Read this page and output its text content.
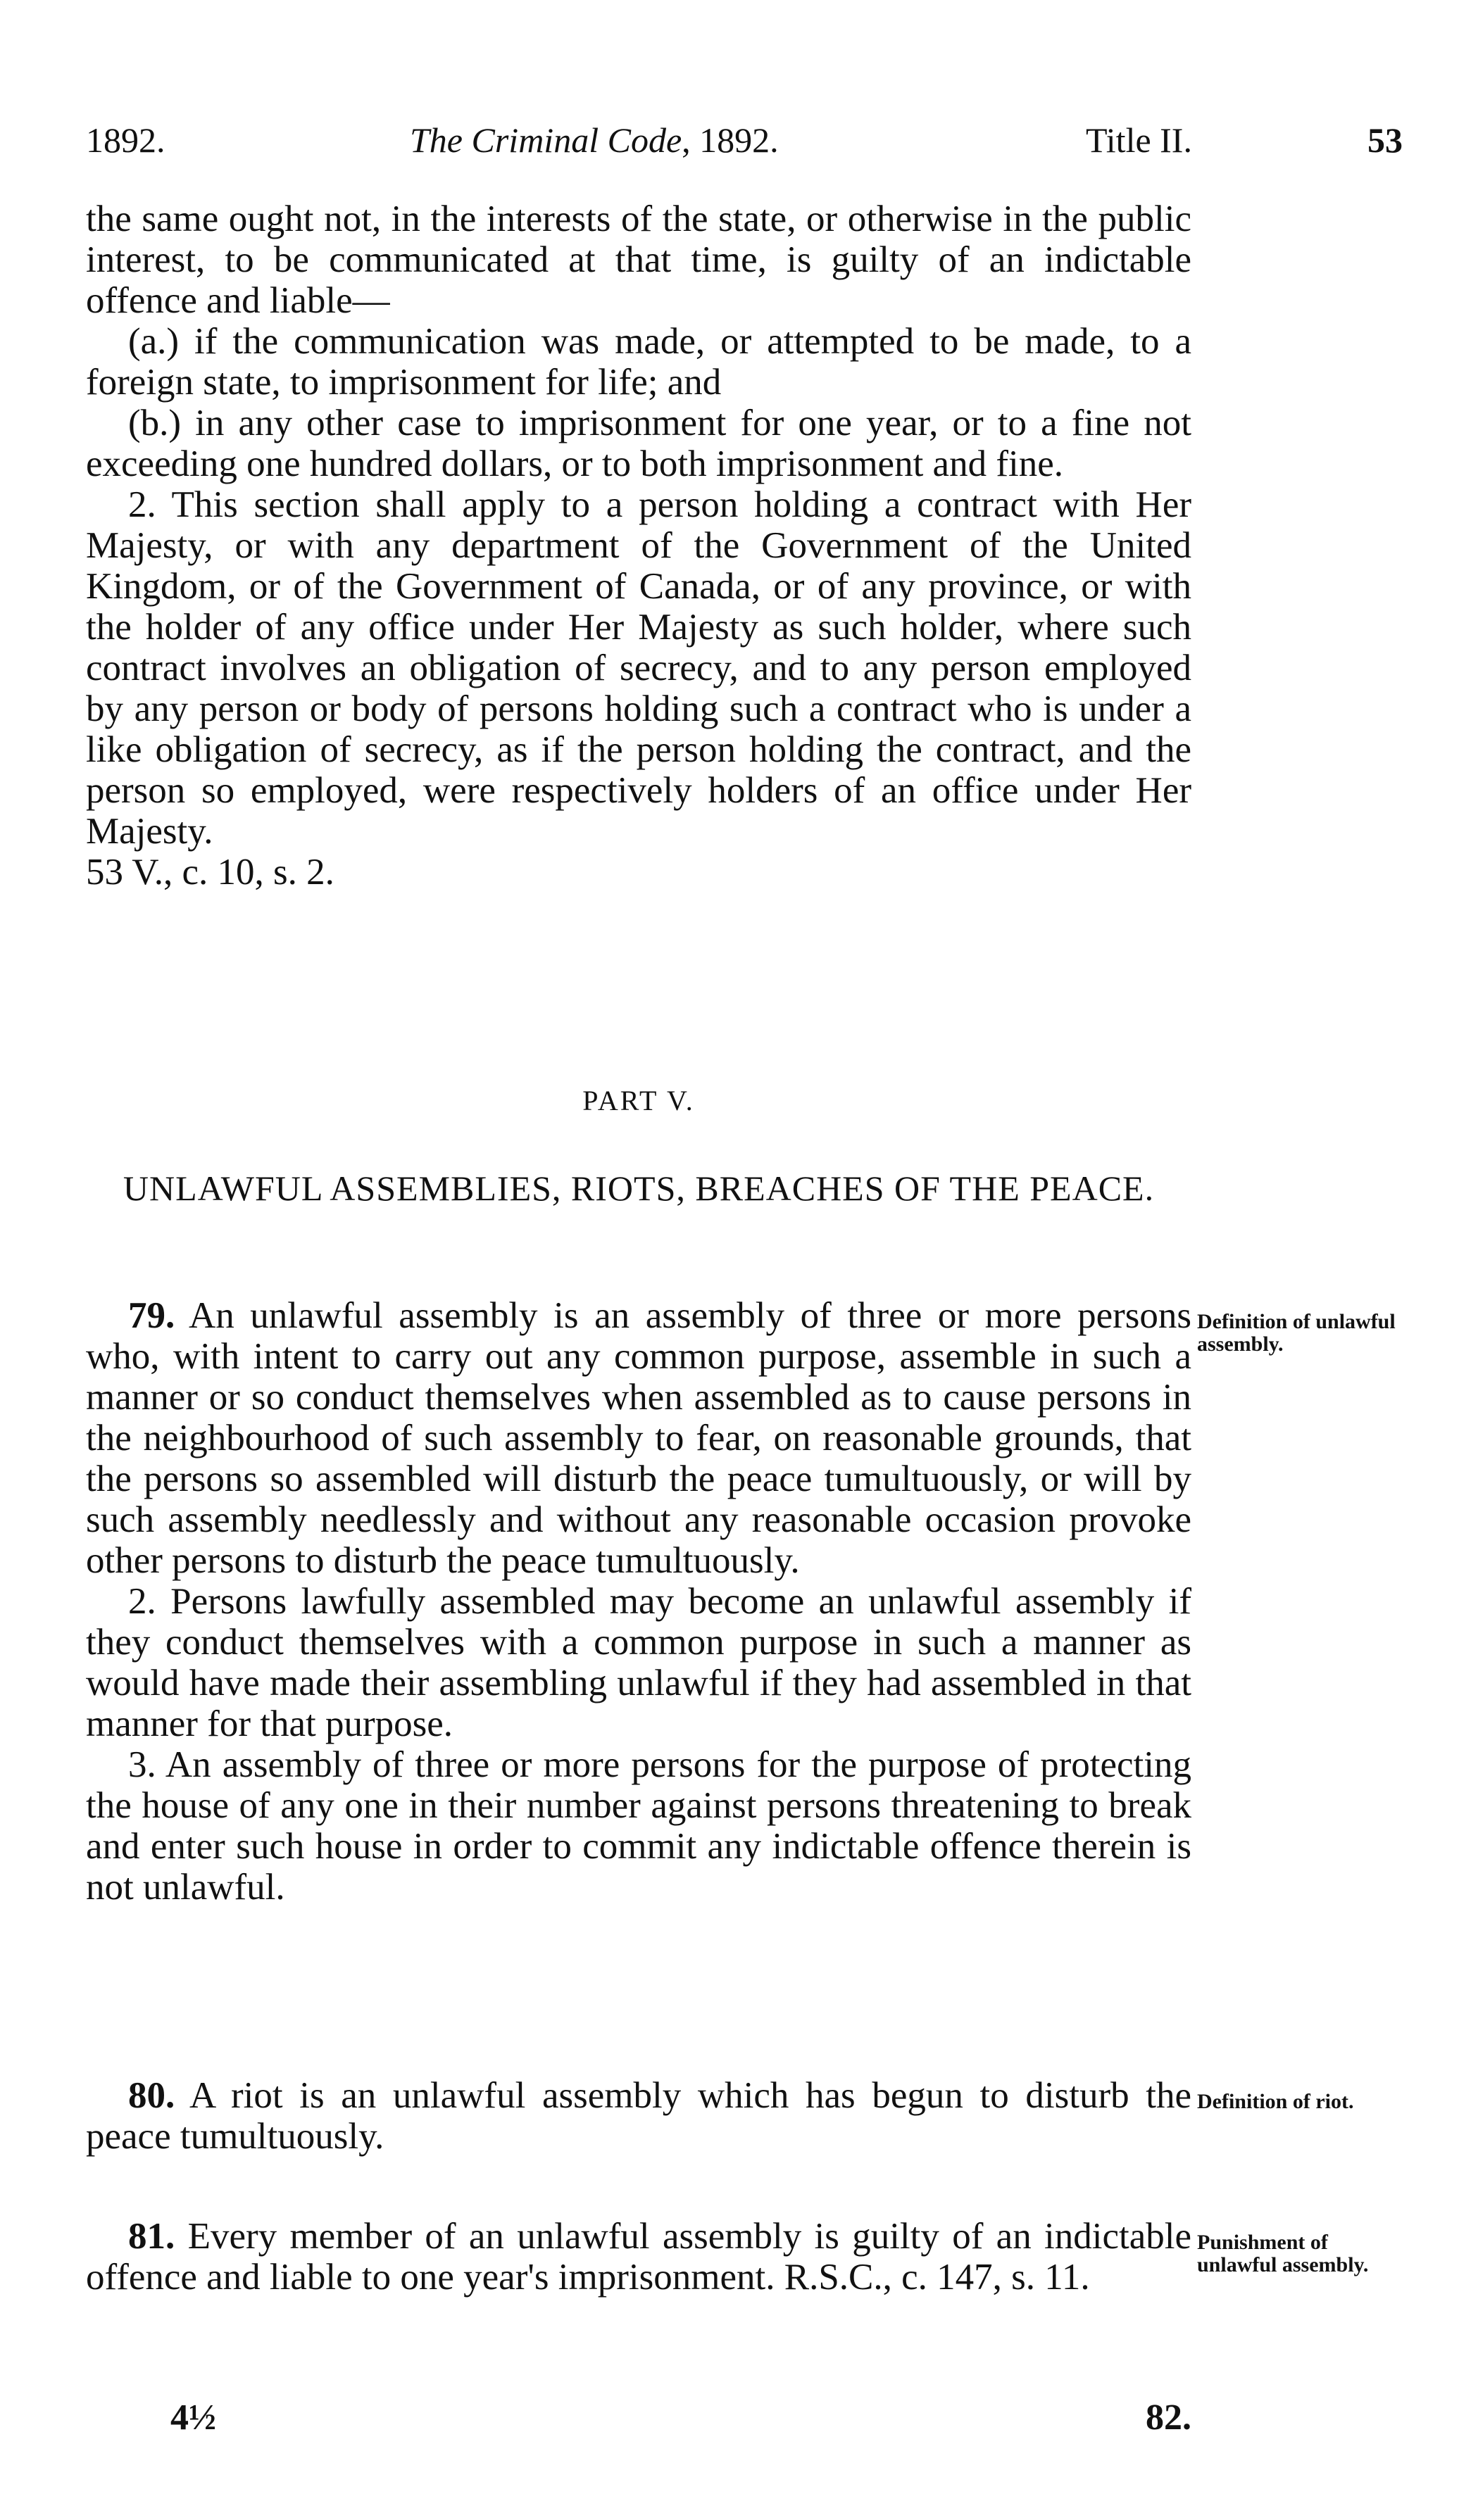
1892.	The Criminal Code, 1892.	Title II.	53

the same ought not, in the interests of the state, or otherwise in the public interest, to be communicated at that time, is guilty of an indictable offence and liable—

(a.) if the communication was made, or attempted to be made, to a foreign state, to imprisonment for life; and

(b.) in any other case to imprisonment for one year, or to a fine not exceeding one hundred dollars, or to both imprisonment and fine.

2. This section shall apply to a person holding a contract with Her Majesty, or with any department of the Government of the United Kingdom, or of the Government of Canada, or of any province, or with the holder of any office under Her Majesty as such holder, where such contract involves an obligation of secrecy, and to any person employed by any person or body of persons holding such a contract who is under a like obligation of secrecy, as if the person holding the contract, and the person so employed, were respectively holders of an office under Her Majesty.

53 V., c. 10, s. 2.

PART V.
UNLAWFUL ASSEMBLIES, RIOTS, BREACHES OF THE PEACE.

79. An unlawful assembly is an assembly of three or more persons who, with intent to carry out any common purpose, assemble in such a manner or so conduct themselves when assembled as to cause persons in the neighbourhood of such assembly to fear, on reasonable grounds, that the persons so assembled will disturb the peace tumultuously, or will by such assembly needlessly and without any reasonable occasion provoke other persons to disturb the peace tumultuously.

2. Persons lawfully assembled may become an unlawful assembly if they conduct themselves with a common purpose in such a manner as would have made their assembling unlawful if they had assembled in that manner for that purpose.

3. An assembly of three or more persons for the purpose of protecting the house of any one in their number against persons threatening to break and enter such house in order to commit any indictable offence therein is not unlawful.

Definition of unlawful assembly.

80. A riot is an unlawful assembly which has begun to disturb the peace tumultuously.

Definition of riot.

81. Every member of an unlawful assembly is guilty of an indictable offence and liable to one year's imprisonment. R.S.C., c. 147, s. 11.

Punishment of unlawful assembly.
4½	82.
